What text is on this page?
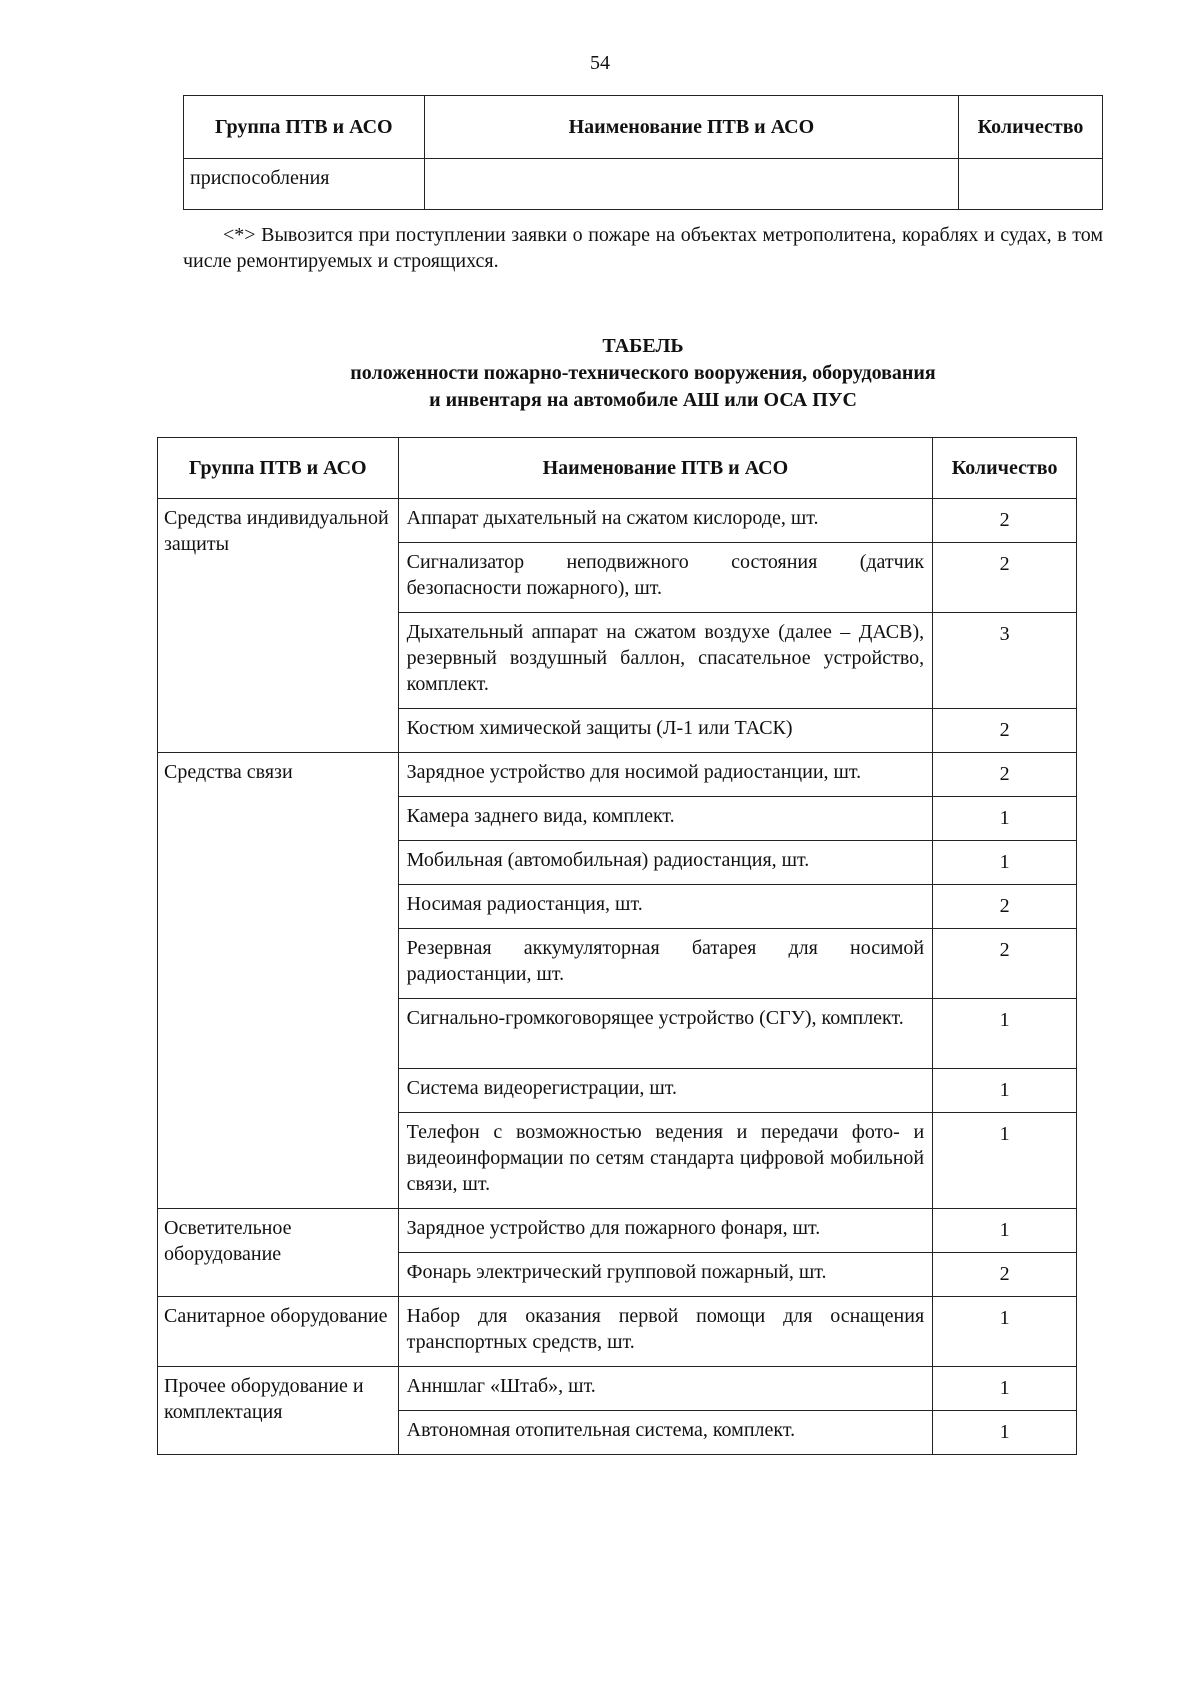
54
Группа ПТВ и АСО	Наименование ПТВ и АСО	Количество
приспособления		
<*> Вывозится при поступлении заявки о пожаре на объектах метрополитена, кораблях и судах, в том числе ремонтируемых и строящихся.
ТАБЕЛЬ
положенности пожарно-технического вооружения, оборудования
и инвентаря на автомобиле АШ или ОСА ПУС
Группа ПТВ и АСО	Наименование ПТВ и АСО	Количество
Средства индивидуальной защиты	Аппарат дыхательный на сжатом кислороде, шт.	2
	Сигнализатор неподвижного состояния (датчик безопасности пожарного), шт.	2
	Дыхательный аппарат на сжатом воздухе (далее – ДАСВ), резервный воздушный баллон, спасательное устройство, комплект.	3
	Костюм химической защиты (Л-1 или ТАСК)	2
Средства связи	Зарядное устройство для носимой радиостанции, шт.	2
	Камера заднего вида, комплект.	1
	Мобильная (автомобильная) радиостанция, шт.	1
	Носимая радиостанция, шт.	2
	Резервная аккумуляторная батарея для носимой радиостанции, шт.	2
	Сигнально-громкоговорящее устройство (СГУ), комплект.	1
	Система видеорегистрации, шт.	1
	Телефон с возможностью ведения и передачи фото- и видеоинформации по сетям стандарта цифровой мобильной связи, шт.	1
Осветительное оборудование	Зарядное устройство для пожарного фонаря, шт.	1
	Фонарь электрический групповой пожарный, шт.	2
Санитарное оборудование	Набор для оказания первой помощи для оснащения транспортных средств, шт.	1
Прочее оборудование и комплектация	Анншлаг «Штаб», шт.	1
	Автономная отопительная система, комплект.	1
